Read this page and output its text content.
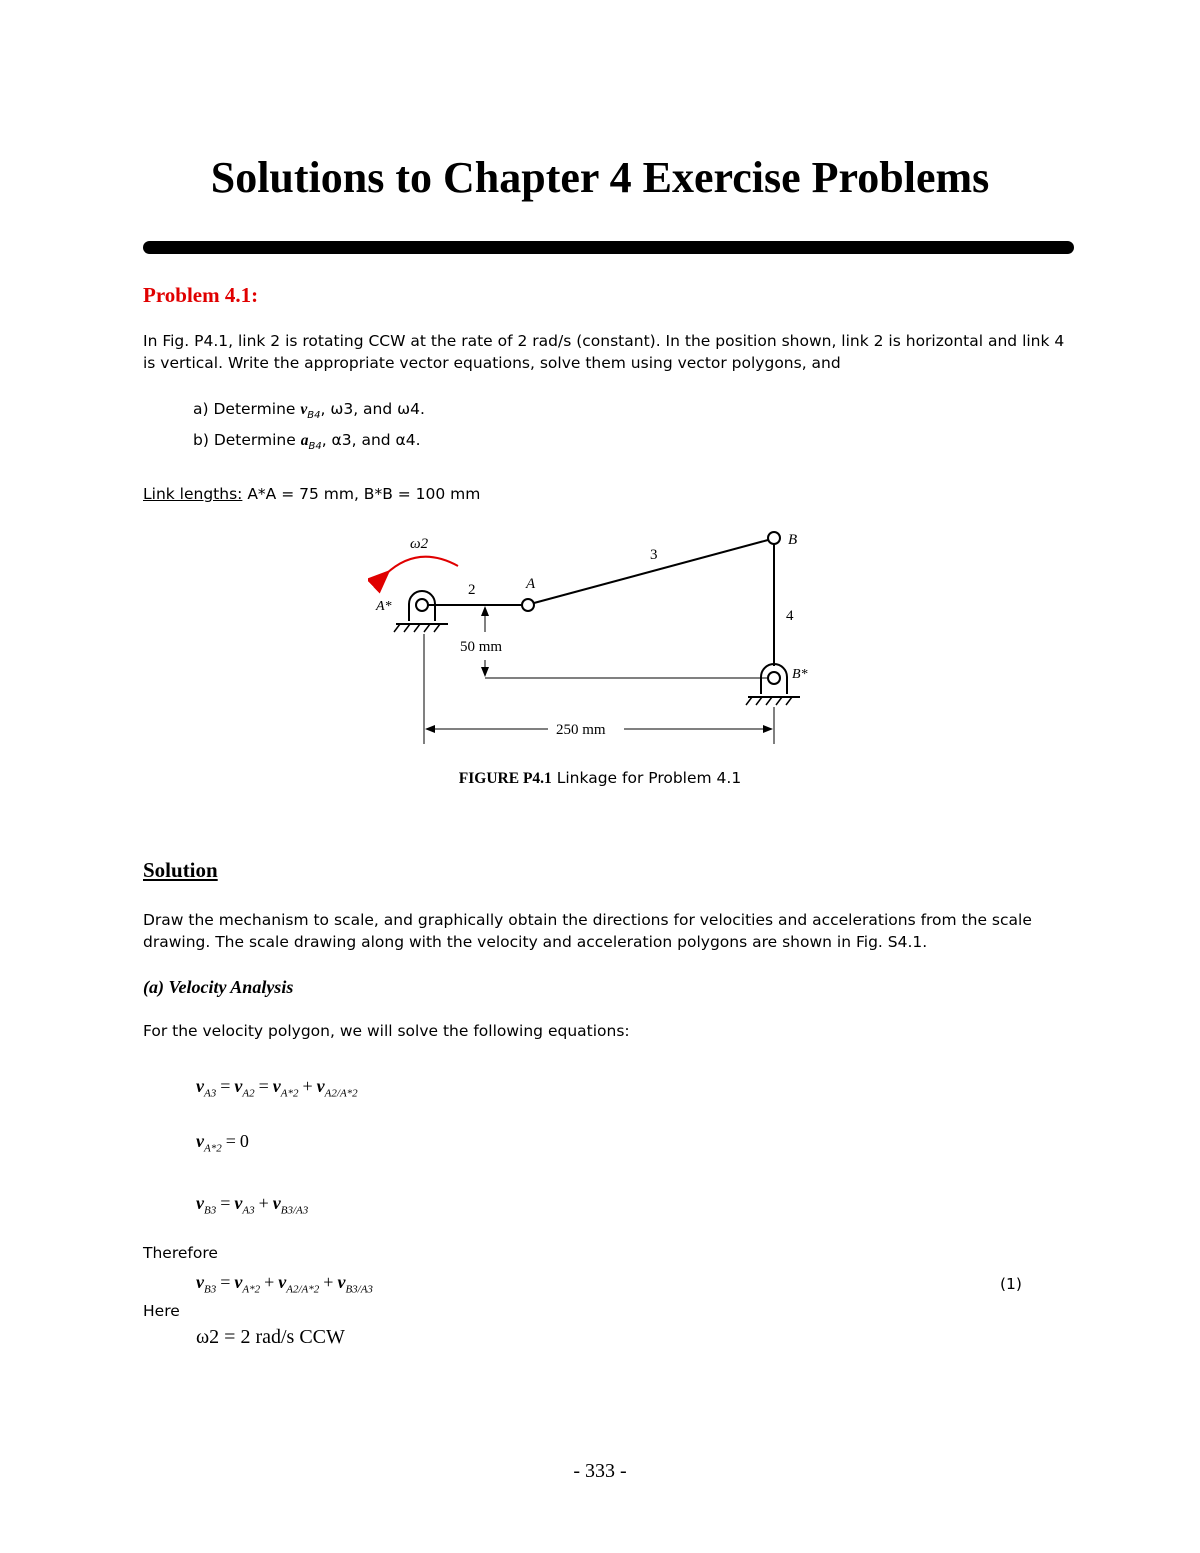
Solutions to Chapter 4 Exercise Problems
Problem 4.1:
In Fig. P4.1, link 2 is rotating CCW at the rate of 2 rad/s (constant). In the position shown, link 2 is horizontal and link 4 is vertical. Write the appropriate vector equations, solve them using vector polygons, and
a) Determine $v_{B4}$, ω3, and ω4.
b) Determine $a_{B4}$, α3, and α4.
Link lengths: A*A = 75 mm, B*B = 100 mm
ω2
A*
2	A
3
B
4
B*
50 mm
250 mm
FIGURE P4.1 Linkage for Problem 4.1
Solution
Draw the mechanism to scale, and graphically obtain the directions for velocities and accelerations from the scale drawing. The scale drawing along with the velocity and acceleration polygons are shown in Fig. S4.1.
(a) Velocity Analysis
For the velocity polygon, we will solve the following equations:
$v_{A3} = v_{A2} = v_{A*2} + v_{A2/A*2}$
$v_{A*2} = 0$
$v_{B3} = v_{A3} + v_{B3/A3}$
Therefore
$v_{B3} = v_{A*2} + v_{A2/A*2} + v_{B3/A3}$	(1)
Here
ω2 = 2 rad/s CCW
- 333 -
